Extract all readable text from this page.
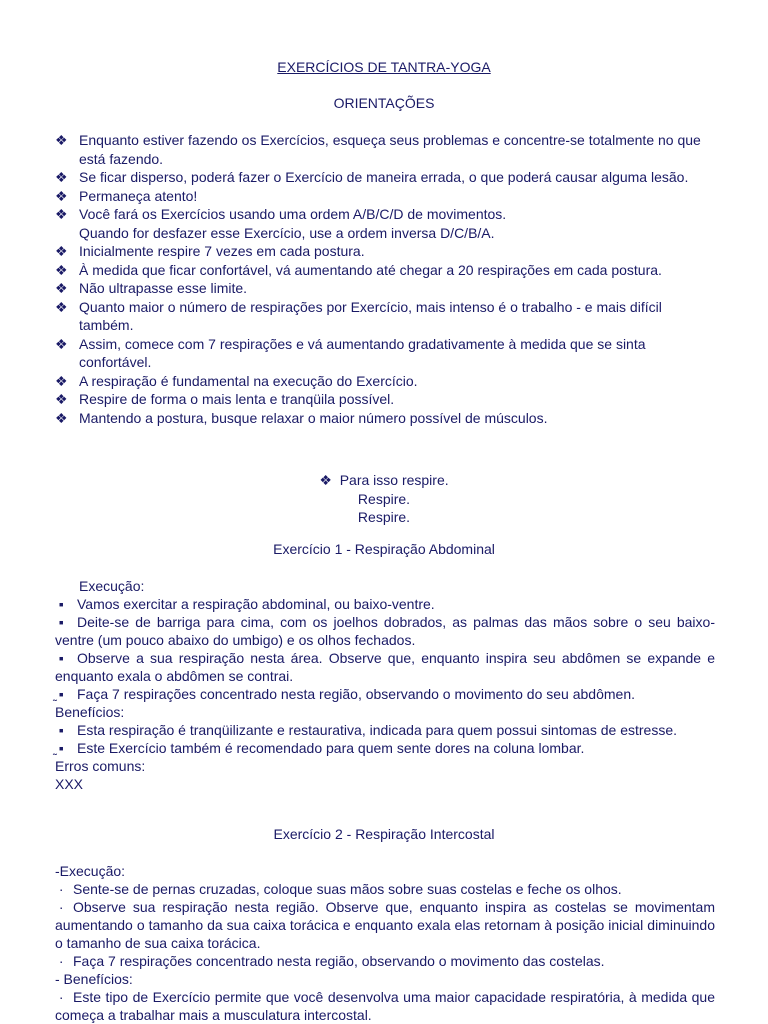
EXERCÍCIOS DE TANTRA-YOGA
ORIENTAÇÕES
❖ Enquanto estiver fazendo os Exercícios, esqueça seus problemas e concentre-se totalmente no que está fazendo.
❖ Se ficar disperso, poderá fazer o Exercício de maneira errada, o que poderá causar alguma lesão.
❖ Permaneça atento!
❖ Você fará os Exercícios usando uma ordem A/B/C/D de movimentos.
Quando for desfazer esse Exercício, use a ordem inversa D/C/B/A.
❖ Inicialmente respire 7 vezes em cada postura.
❖ À medida que ficar confortável, vá aumentando até chegar a 20 respirações em cada postura.
❖ Não ultrapasse esse limite.
❖ Quanto maior o número de respirações por Exercício, mais intenso é o trabalho - e mais difícil também.
❖ Assim, comece com 7 respirações e vá aumentando gradativamente à medida que se sinta confortável.
❖ A respiração é fundamental na execução do Exercício.
❖ Respire de forma o mais lenta e tranqüila possível.
❖ Mantendo a postura, busque relaxar o maior número possível de músculos.
❖  Para isso respire.
Respire.
Respire.
Exercício 1 - Respiração Abdominal
Execução:
▪ Vamos exercitar a respiração abdominal, ou baixo-ventre.
▪ Deite-se de barriga para cima, com os joelhos dobrados, as palmas das mãos sobre o seu baixo-ventre (um pouco abaixo do umbigo) e os olhos fechados.
▪ Observe a sua respiração nesta área. Observe que, enquanto inspira seu abdômen se expande e enquanto exala o abdômen se contrai.
▪ Faça 7 respirações concentrado nesta região, observando o movimento do seu abdômen.
˜ Benefícios:
▪ Esta respiração é tranqüilizante e restaurativa, indicada para quem possui sintomas de estresse.
▪ Este Exercício também é recomendado para quem sente dores na coluna lombar.
˜ Erros comuns:
XXX
Exercício 2 - Respiração Intercostal
-Execução:
· Sente-se de pernas cruzadas, coloque suas mãos sobre suas costelas e feche os olhos.
· Observe sua respiração nesta região. Observe que, enquanto inspira as costelas se movimentam aumentando o tamanho da sua caixa torácica e enquanto exala elas retornam à posição inicial diminuindo o tamanho de sua caixa torácica.
· Faça 7 respirações concentrado nesta região, observando o movimento das costelas.
- Benefícios:
· Este tipo de Exercício permite que você desenvolva uma maior capacidade respiratória, à medida que começa a trabalhar mais a musculatura intercostal.
